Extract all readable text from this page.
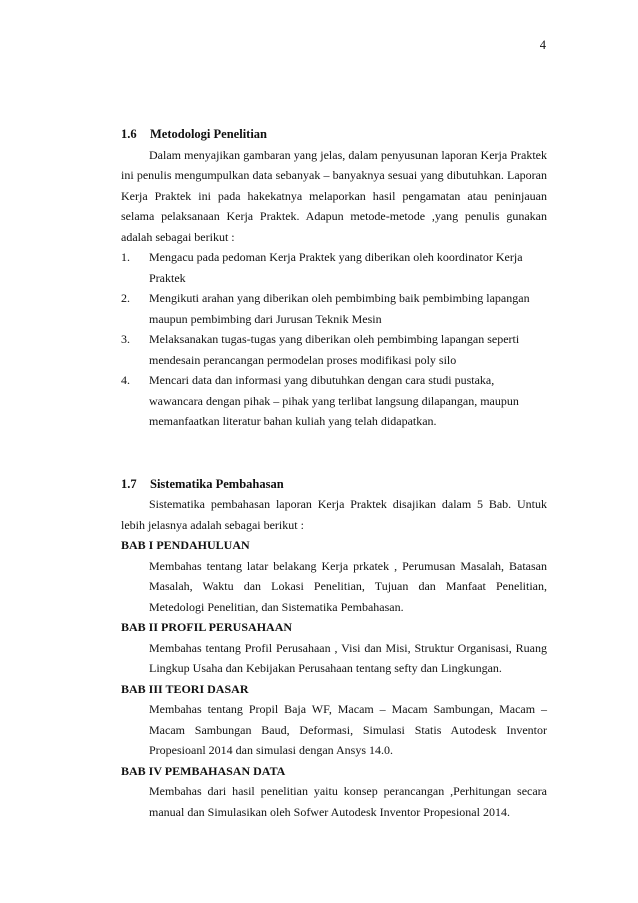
4
1.6	Metodologi Penelitian

Dalam menyajikan gambaran yang jelas, dalam penyusunan laporan Kerja Praktek ini penulis mengumpulkan data sebanyak – banyaknya sesuai yang dibutuhkan. Laporan Kerja Praktek ini pada hakekatnya melaporkan hasil pengamatan atau peninjauan selama pelaksanaan Kerja Praktek. Adapun metode-metode ,yang penulis gunakan adalah sebagai berikut :

1.	Mengacu pada pedoman Kerja Praktek yang diberikan oleh koordinator Kerja Praktek
2.	Mengikuti arahan yang diberikan oleh pembimbing baik pembimbing lapangan maupun pembimbing dari Jurusan Teknik Mesin
3.	Melaksanakan tugas-tugas yang diberikan oleh pembimbing lapangan seperti mendesain perancangan permodelan proses modifikasi poly silo
4.	Mencari data dan informasi yang dibutuhkan dengan cara studi pustaka, wawancara dengan pihak – pihak yang terlibat langsung dilapangan, maupun memanfaatkan literatur bahan kuliah yang telah didapatkan.
1.7	Sistematika Pembahasan

Sistematika pembahasan laporan Kerja Praktek disajikan dalam 5 Bab. Untuk lebih jelasnya adalah sebagai berikut :

BAB I PENDAHULUAN

Membahas tentang latar belakang Kerja prkatek , Perumusan Masalah, Batasan Masalah, Waktu dan Lokasi Penelitian, Tujuan dan Manfaat Penelitian, Metedologi Penelitian, dan Sistematika Pembahasan.

BAB II PROFIL PERUSAHAAN

Membahas tentang Profil Perusahaan , Visi dan Misi, Struktur Organisasi, Ruang Lingkup Usaha dan Kebijakan Perusahaan tentang sefty dan Lingkungan.

BAB III TEORI DASAR

Membahas tentang Propil Baja WF, Macam – Macam Sambungan, Macam – Macam Sambungan Baud, Deformasi, Simulasi Statis Autodesk Inventor Propesioanl 2014 dan simulasi dengan Ansys 14.0.

BAB IV PEMBAHASAN DATA

Membahas dari hasil penelitian yaitu konsep perancangan ,Perhitungan secara manual dan Simulasikan oleh Sofwer Autodesk Inventor Propesional 2014.
